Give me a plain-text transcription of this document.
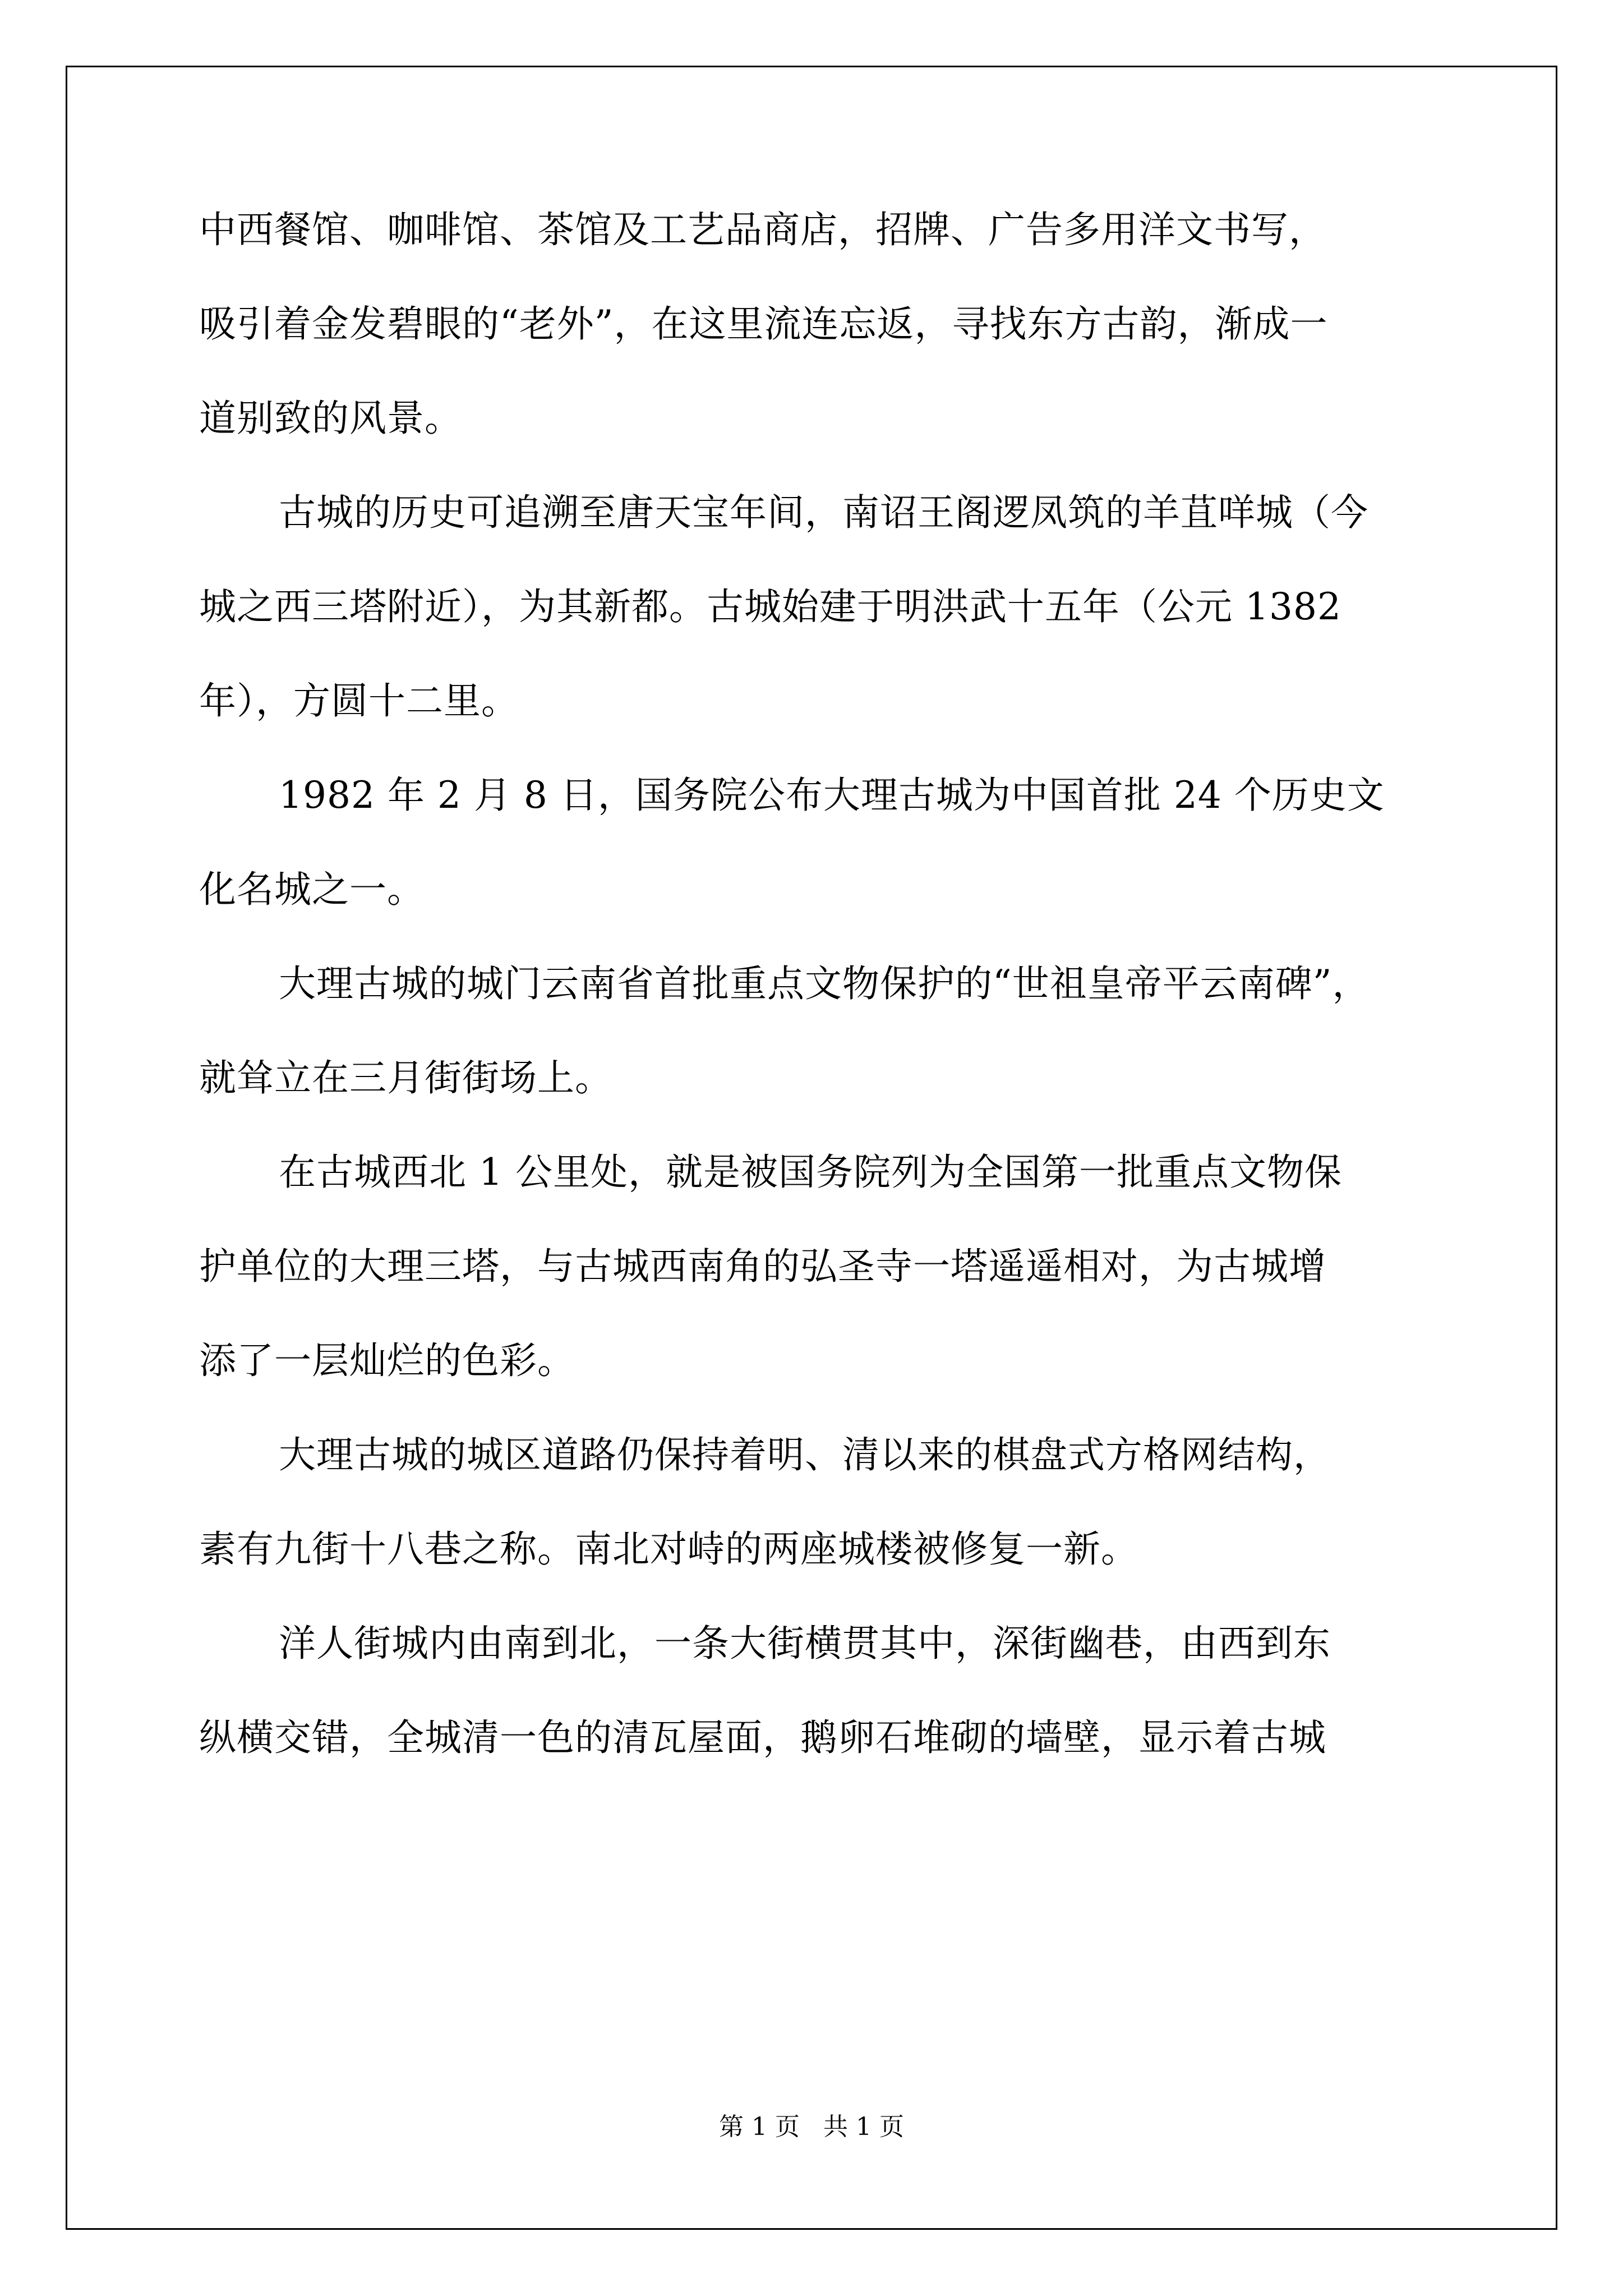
中西餐馆、咖啡馆、茶馆及工艺品商店，招牌、广告多用洋文书写，
吸引着金发碧眼的“老外”，在这里流连忘返，寻找东方古韵，渐成一
道别致的风景。
古城的历史可追溯至唐天宝年间，南诏王阁逻凤筑的羊苴咩城（今
城之西三塔附近），为其新都。古城始建于明洪武十五年（公元 1382
年），方圆十二里。
1982 年 2 月 8 日，国务院公布大理古城为中国首批 24 个历史文
化名城之一。
大理古城的城门云南省首批重点文物保护的“世祖皇帝平云南碑”，
就耸立在三月街街场上。
在古城西北 1 公里处，就是被国务院列为全国第一批重点文物保
护单位的大理三塔，与古城西南角的弘圣寺一塔遥遥相对，为古城增
添了一层灿烂的色彩。
大理古城的城区道路仍保持着明、清以来的棋盘式方格网结构，
素有九街十八巷之称。南北对峙的两座城楼被修复一新。
洋人街城内由南到北，一条大街横贯其中，深街幽巷，由西到东
纵横交错，全城清一色的清瓦屋面，鹅卵石堆砌的墙壁，显示着古城
第 1 页 共 1 页
